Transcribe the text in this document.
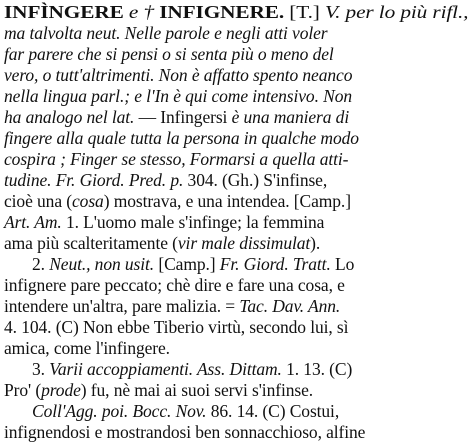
INFÌNGERE e † INFIGNERE. [T.] V. per lo più rifl.,
ma talvolta neut. Nelle parole e negli atti voler
far parere che si pensi o si senta più o meno del
vero, o tutt'altrimenti. Non è affatto spento neanco
nella lingua parl.; e l'In è qui come intensivo. Non
ha analogo nel lat. — Infingersi è una maniera di
fingere alla quale tutta la persona in qualche modo
cospira ; Finger se stesso, Formarsi a quella atti-
tudine. Fr. Giord. Pred. p. 304. (Gh.) S'infinse,
cioè una (cosa) mostrava, e una intendea. [Camp.]
Art. Am. 1. L'uomo male s'infinge; la femmina
ama più scalteritamente (vir male dissimulat).
2. Neut., non usit. [Camp.] Fr. Giord. Tratt. Lo
infignere pare peccato; chè dire e fare una cosa, e
intendere un'altra, pare malizia. = Tac. Dav. Ann.
4. 104. (C) Non ebbe Tiberio virtù, secondo lui, sì
amica, come l'infingere.
3. Varii accoppiamenti. Ass. Dittam. 1. 13. (C)
Pro' (prode) fu, nè mai ai suoi servi s'infinse.
Coll'Agg. poi. Bocc. Nov. 86. 14. (C) Costui,
infignendosi e mostrandosi ben sonnacchioso, alfine
